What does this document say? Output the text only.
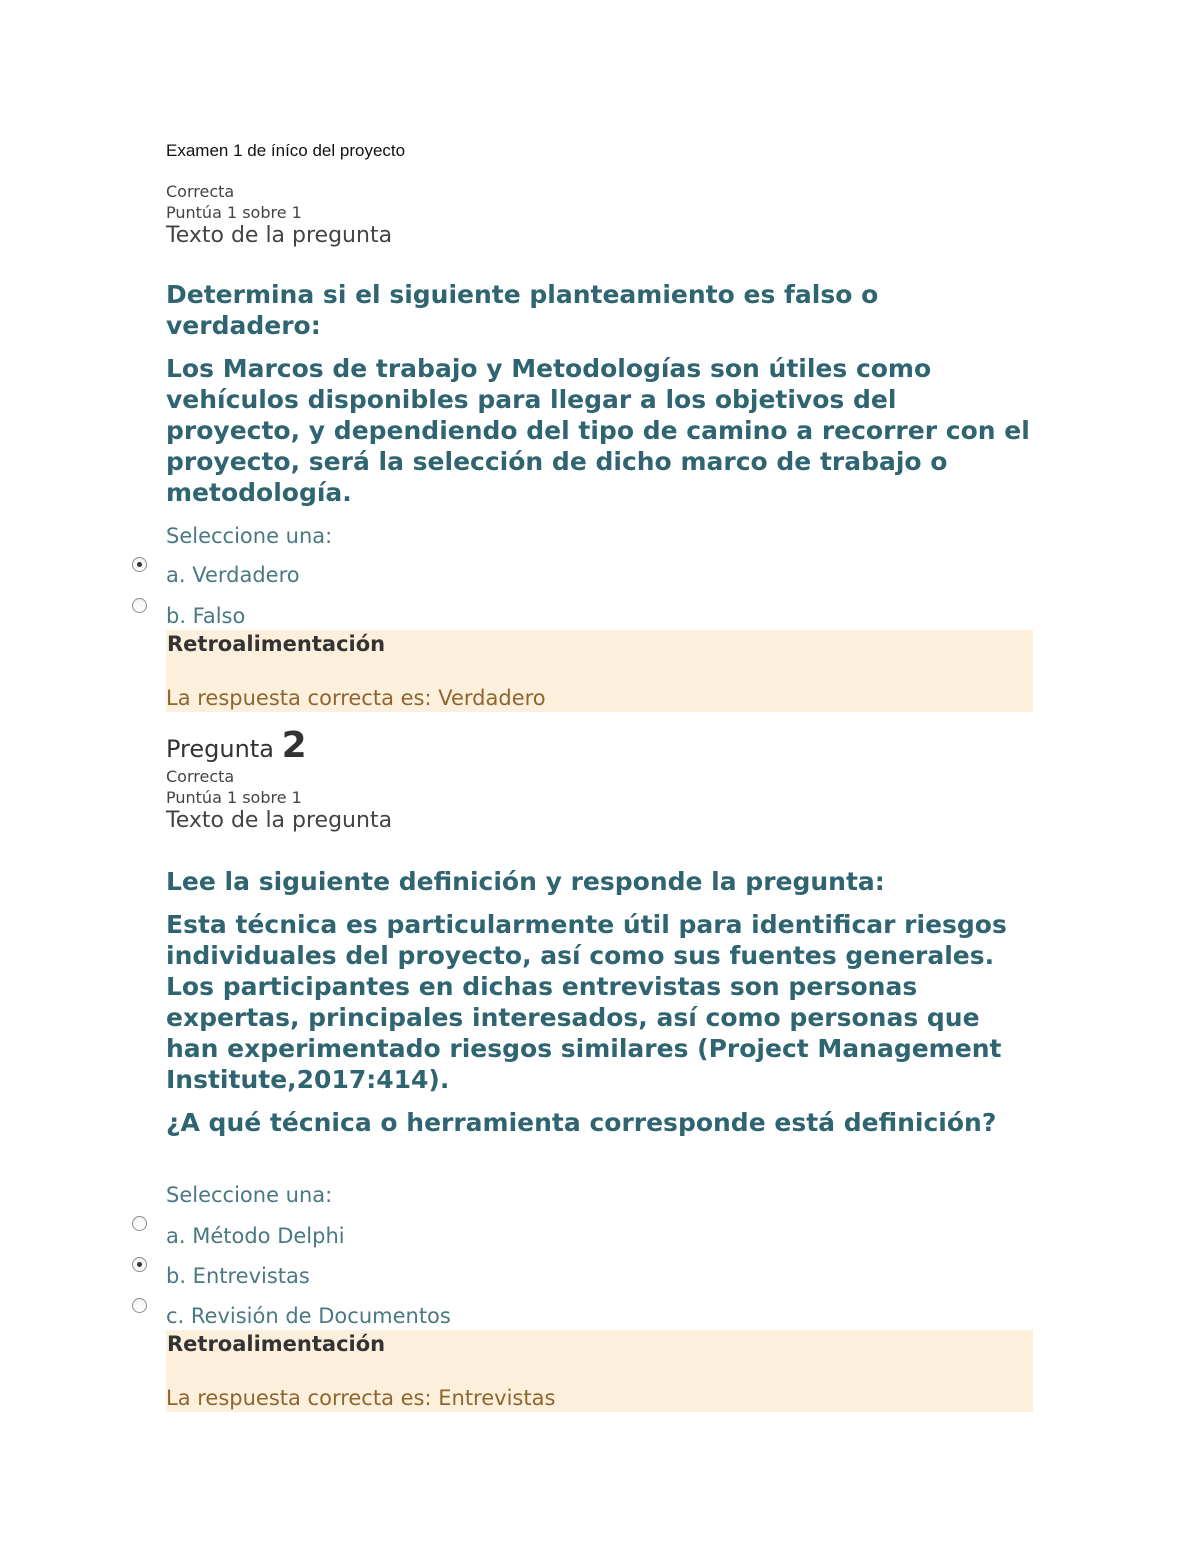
Examen 1 de íníco del proyecto
Correcta
Puntúa 1 sobre 1
Texto de la pregunta

Determina si el siguiente planteamiento es falso o verdadero:

Los Marcos de trabajo y Metodologías son útiles como vehículos disponibles para llegar a los objetivos del proyecto, y dependiendo del tipo de camino a recorrer con el proyecto, será la selección de dicho marco de trabajo o metodología.

Seleccione una:
a. Verdadero
b. Falso
Retroalimentación
La respuesta correcta es: Verdadero
Pregunta 2
Correcta
Puntúa 1 sobre 1
Texto de la pregunta

Lee la siguiente definición y responde la pregunta:

Esta técnica es particularmente útil para identificar riesgos individuales del proyecto, así como sus fuentes generales. Los participantes en dichas entrevistas son personas expertas, principales interesados, así como personas que han experimentado riesgos similares (Project Management Institute,2017:414).

¿A qué técnica o herramienta corresponde está definición?

Seleccione una:
a. Método Delphi
b. Entrevistas
c. Revisión de Documentos
Retroalimentación
La respuesta correcta es: Entrevistas
